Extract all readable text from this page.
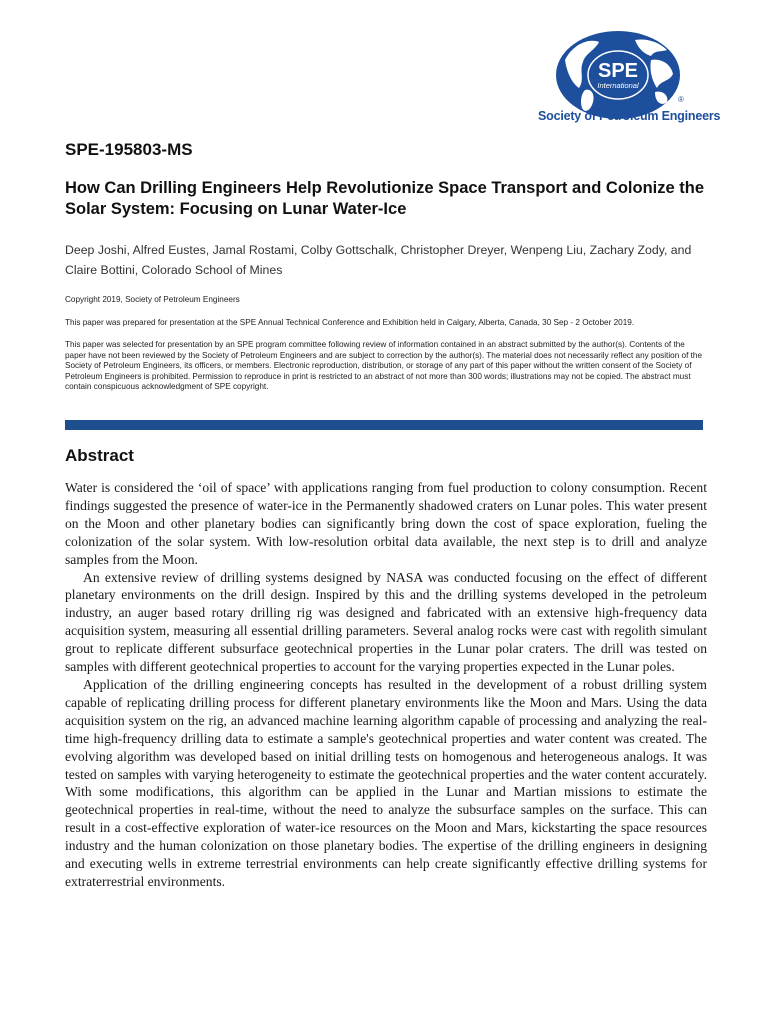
SPE
International
®
Society of Petroleum Engineers
SPE-195803-MS
How Can Drilling Engineers Help Revolutionize Space Transport and Colonize the Solar System: Focusing on Lunar Water-Ice
Deep Joshi, Alfred Eustes, Jamal Rostami, Colby Gottschalk, Christopher Dreyer, Wenpeng Liu, Zachary Zody, and Claire Bottini, Colorado School of Mines
Copyright 2019, Society of Petroleum Engineers
This paper was prepared for presentation at the SPE Annual Technical Conference and Exhibition held in Calgary, Alberta, Canada, 30 Sep - 2 October 2019.
This paper was selected for presentation by an SPE program committee following review of information contained in an abstract submitted by the author(s). Contents of the paper have not been reviewed by the Society of Petroleum Engineers and are subject to correction by the author(s). The material does not necessarily reflect any position of the Society of Petroleum Engineers, its officers, or members. Electronic reproduction, distribution, or storage of any part of this paper without the written consent of the Society of Petroleum Engineers is prohibited. Permission to reproduce in print is restricted to an abstract of not more than 300 words; illustrations may not be copied. The abstract must contain conspicuous acknowledgment of SPE copyright.
Abstract

Water is considered the ‘oil of space’ with applications ranging from fuel production to colony consumption. Recent findings suggested the presence of water-ice in the Permanently shadowed craters on Lunar poles. This water present on the Moon and other planetary bodies can significantly bring down the cost of space exploration, fueling the colonization of the solar system. With low-resolution orbital data available, the next step is to drill and analyze samples from the Moon.

An extensive review of drilling systems designed by NASA was conducted focusing on the effect of different planetary environments on the drill design. Inspired by this and the drilling systems developed in the petroleum industry, an auger based rotary drilling rig was designed and fabricated with an extensive high-frequency data acquisition system, measuring all essential drilling parameters. Several analog rocks were cast with regolith simulant grout to replicate different subsurface geotechnical properties in the Lunar polar craters. The drill was tested on samples with different geotechnical properties to account for the varying properties expected in the Lunar poles.

Application of the drilling engineering concepts has resulted in the development of a robust drilling system capable of replicating drilling process for different planetary environments like the Moon and Mars. Using the data acquisition system on the rig, an advanced machine learning algorithm capable of processing and analyzing the real-time high-frequency drilling data to estimate a sample's geotechnical properties and water content was created. The evolving algorithm was developed based on initial drilling tests on homogenous and heterogeneous analogs. It was tested on samples with varying heterogeneity to estimate the geotechnical properties and the water content accurately. With some modifications, this algorithm can be applied in the Lunar and Martian missions to estimate the geotechnical properties in real-time, without the need to analyze the subsurface samples on the surface. This can result in a cost-effective exploration of water-ice resources on the Moon and Mars, kickstarting the space resources industry and the human colonization on those planetary bodies. The expertise of the drilling engineers in designing and executing wells in extreme terrestrial environments can help create significantly effective drilling systems for extraterrestrial environments.
